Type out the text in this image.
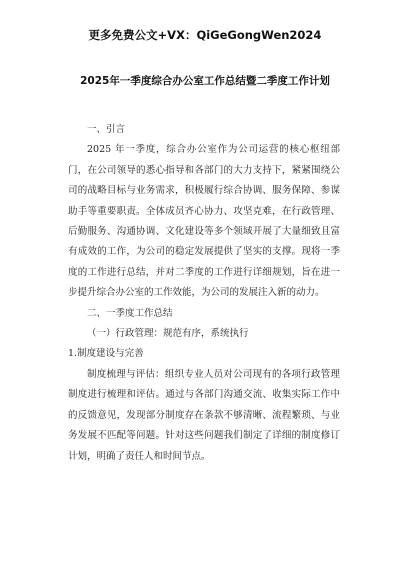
更多免费公文+VX：QiGeGongWen2024
2025年一季度综合办公室工作总结暨二季度工作计划

一、引言

2025 年一季度，综合办公室作为公司运营的核心枢纽部门，在公司领导的悉心指导和各部门的大力支持下，紧紧围绕公司的战略目标与业务需求，积极履行综合协调、服务保障、参谋助手等重要职责。全体成员齐心协力、攻坚克难，在行政管理、后勤服务、沟通协调、文化建设等多个领域开展了大量细致且富有成效的工作，为公司的稳定发展提供了坚实的支撑。现将一季度的工作进行总结，并对二季度的工作进行详细规划，旨在进一步提升综合办公室的工作效能，为公司的发展注入新的动力。

二、一季度工作总结

（一）行政管理：规范有序，系统执行

1.制度建设与完善

制度梳理与评估：组织专业人员对公司现有的各项行政管理制度进行梳理和评估。通过与各部门沟通交流、收集实际工作中的反馈意见，发现部分制度存在条款不够清晰、流程繁琐、与业务发展不匹配等问题。针对这些问题我们制定了详细的制度修订计划，明确了责任人和时间节点。
